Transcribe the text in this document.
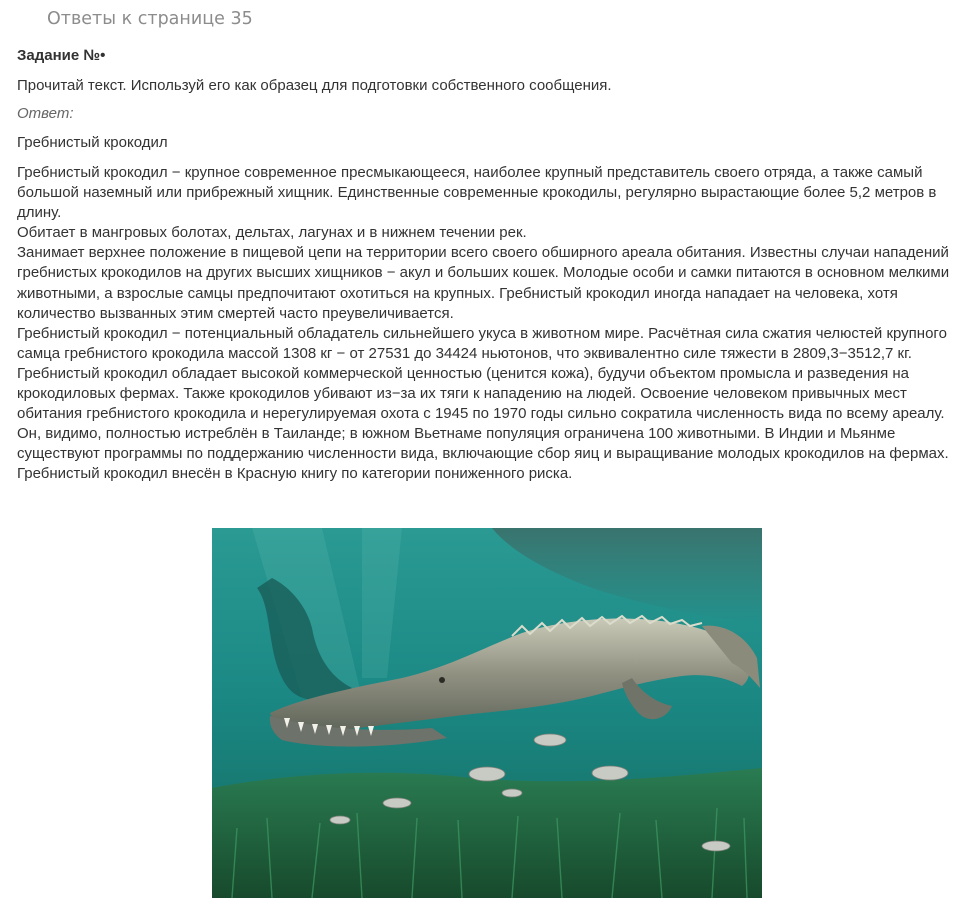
Ответы к странице 35
Задание №•
Прочитай текст. Используй его как образец для подготовки собственного сообщения.
Ответ:
Гребнистый крокодил

Гребнистый крокодил − крупное современное пресмыкающееся, наиболее крупный представитель своего отряда, а также самый большой наземный или прибрежный хищник. Единственные современные крокодилы, регулярно вырастающие более 5,2 метров в длину.

Обитает в мангровых болотах, дельтах, лагунах и в нижнем течении рек.

Занимает верхнее положение в пищевой цепи на территории всего своего обширного ареала обитания. Известны случаи нападений гребнистых крокодилов на других высших хищников − акул и больших кошек. Молодые особи и самки питаются в основном мелкими животными, а взрослые самцы предпочитают охотиться на крупных. Гребнистый крокодил иногда нападает на человека, хотя количество вызванных этим смертей часто преувеличивается.

Гребнистый крокодил − потенциальный обладатель сильнейшего укуса в животном мире. Расчётная сила сжатия челюстей крупного самца гребнистого крокодила массой 1308 кг − от 27531 до 34424 ньютонов, что эквивалентно силе тяжести в 2809,3−3512,7 кг.

Гребнистый крокодил обладает высокой коммерческой ценностью (ценится кожа), будучи объектом промысла и разведения на крокодиловых фермах. Также крокодилов убивают из−за их тяги к нападению на людей. Освоение человеком привычных мест обитания гребнистого крокодила и нерегулируемая охота с 1945 по 1970 годы сильно сократила численность вида по всему ареалу. Он, видимо, полностью истреблён в Таиланде; в южном Вьетнаме популяция ограничена 100 животными. В Индии и Мьянме существуют программы по поддержанию численности вида, включающие сбор яиц и выращивание молодых крокодилов на фермах.

Гребнистый крокодил внесён в Красную книгу по категории пониженного риска.
